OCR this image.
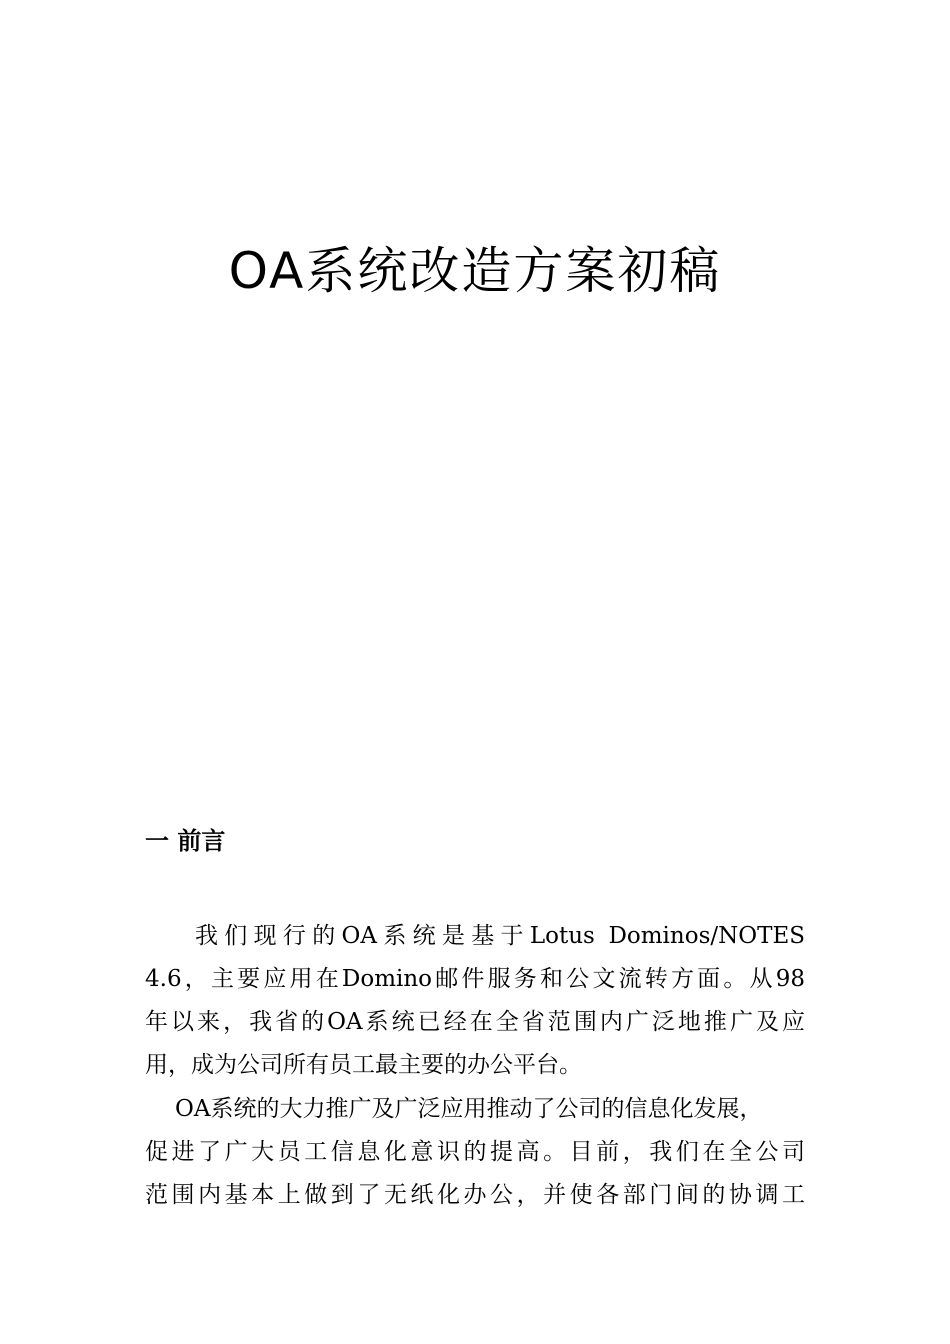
OA系统改造方案初稿
一 前言
我们现行的OA系统是基于Lotus Dominos/NOTES
4.6，主要应用在Domino邮件服务和公文流转方面。从98
年以来，我省的OA系统已经在全省范围内广泛地推广及应
用，成为公司所有员工最主要的办公平台。
OA系统的大力推广及广泛应用推动了公司的信息化发展，
促进了广大员工信息化意识的提高。目前，我们在全公司
范围内基本上做到了无纸化办公，并使各部门间的协调工
